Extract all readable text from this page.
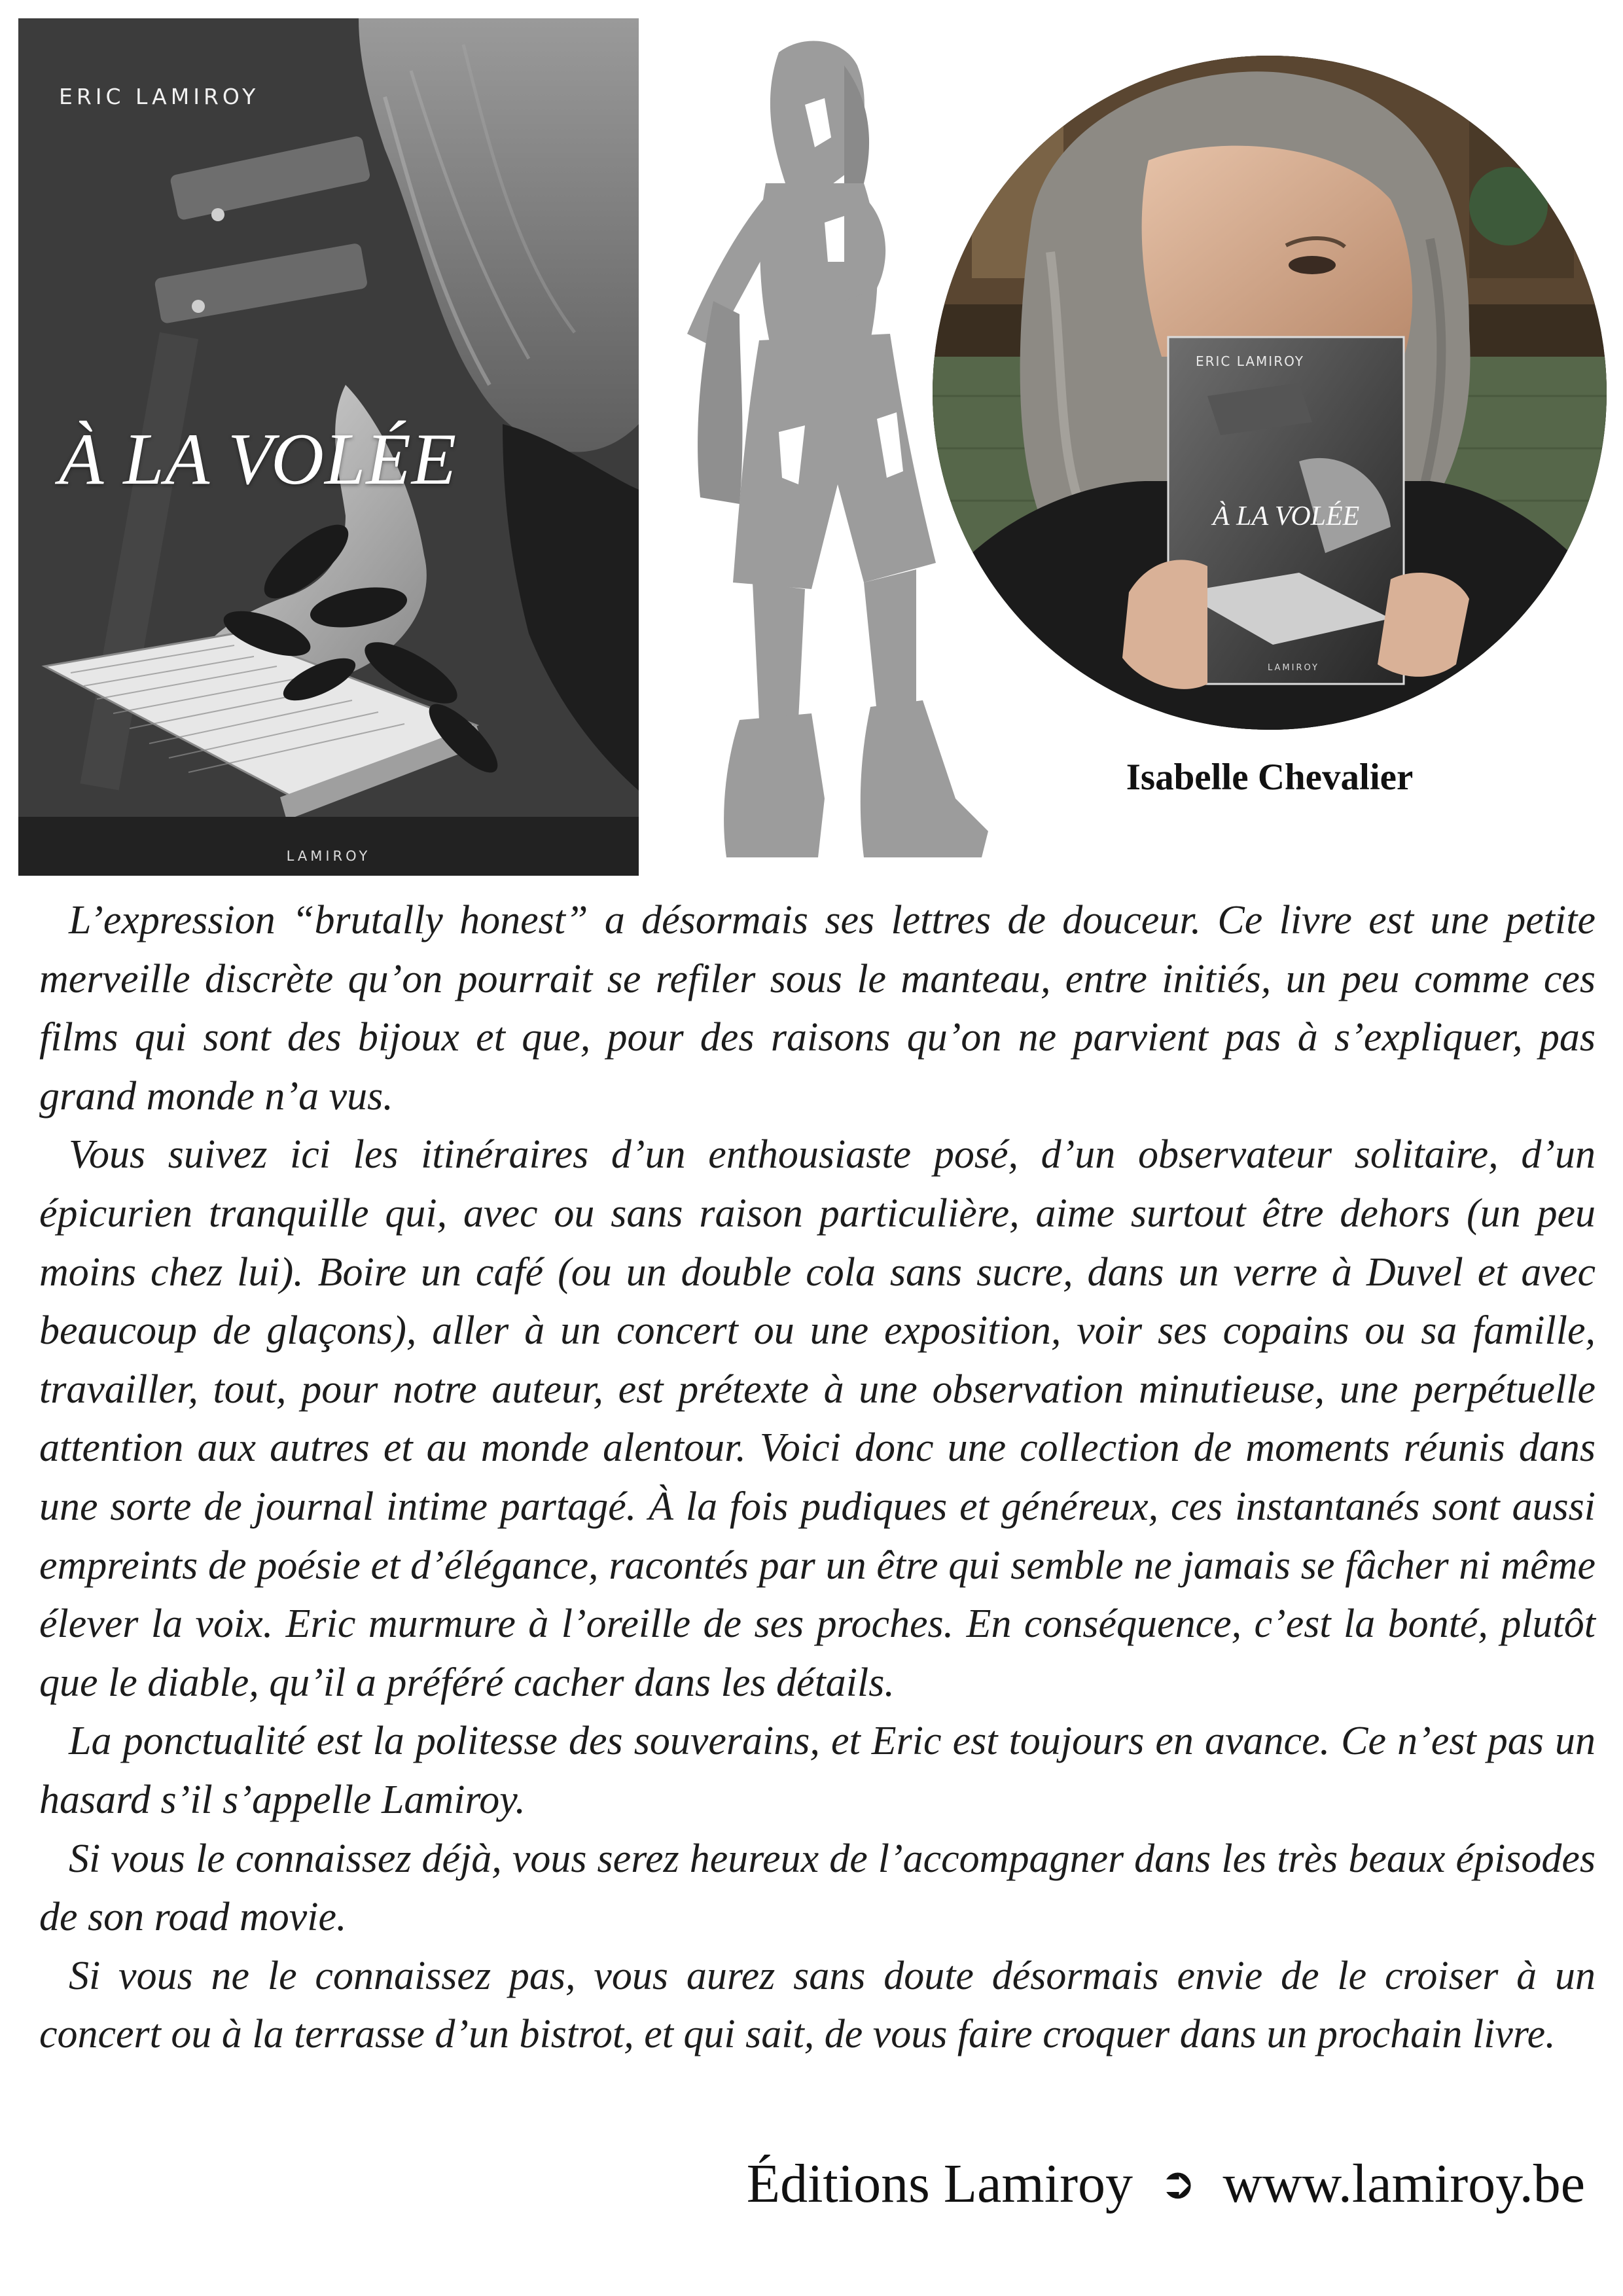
ERIC LAMIROY
À LA VOLÉE
LAMIROY
ERIC LAMIROY
À LA VOLÉE
LAMIROY
Isabelle Chevalier

L’expression “brutally honest” a désormais ses lettres de douceur. Ce livre est une petite merveille discrète qu’on pourrait se refiler sous le manteau, entre initiés, un peu comme ces films qui sont des bijoux et que, pour des raisons qu’on ne parvient pas à s’expliquer, pas grand monde n’a vus.

Vous suivez ici les itinéraires d’un enthousiaste posé, d’un observateur solitaire, d’un épicurien tranquille qui, avec ou sans raison particulière, aime surtout être dehors (un peu moins chez lui). Boire un café (ou un double cola sans sucre, dans un verre à Duvel et avec beaucoup de glaçons), aller à un concert ou une exposition, voir ses copains ou sa famille, travailler, tout, pour notre auteur, est prétexte à une observation minutieuse, une perpétuelle attention aux autres et au monde alentour. Voici donc une collection de moments réunis dans une sorte de journal intime partagé. À la fois pudiques et généreux, ces instantanés sont aussi empreints de poésie et d’élégance, racontés par un être qui semble ne jamais se fâcher ni même élever la voix. Eric murmure à l’oreille de ses proches. En conséquence, c’est la bonté, plutôt que le diable, qu’il a préféré cacher dans les détails.

La ponctualité est la politesse des souverains, et Eric est toujours en avance. Ce n’est pas un hasard s’il s’appelle Lamiroy.

Si vous le connaissez déjà, vous serez heureux de l’accompagner dans les très beaux épisodes de son road movie.

Si vous ne le connaissez pas, vous aurez sans doute désormais envie de le croiser à un concert ou à la terrasse d’un bistrot, et qui sait, de vous faire croquer dans un prochain livre.

Éditions Lamiroy ➲ www.lamiroy.be
